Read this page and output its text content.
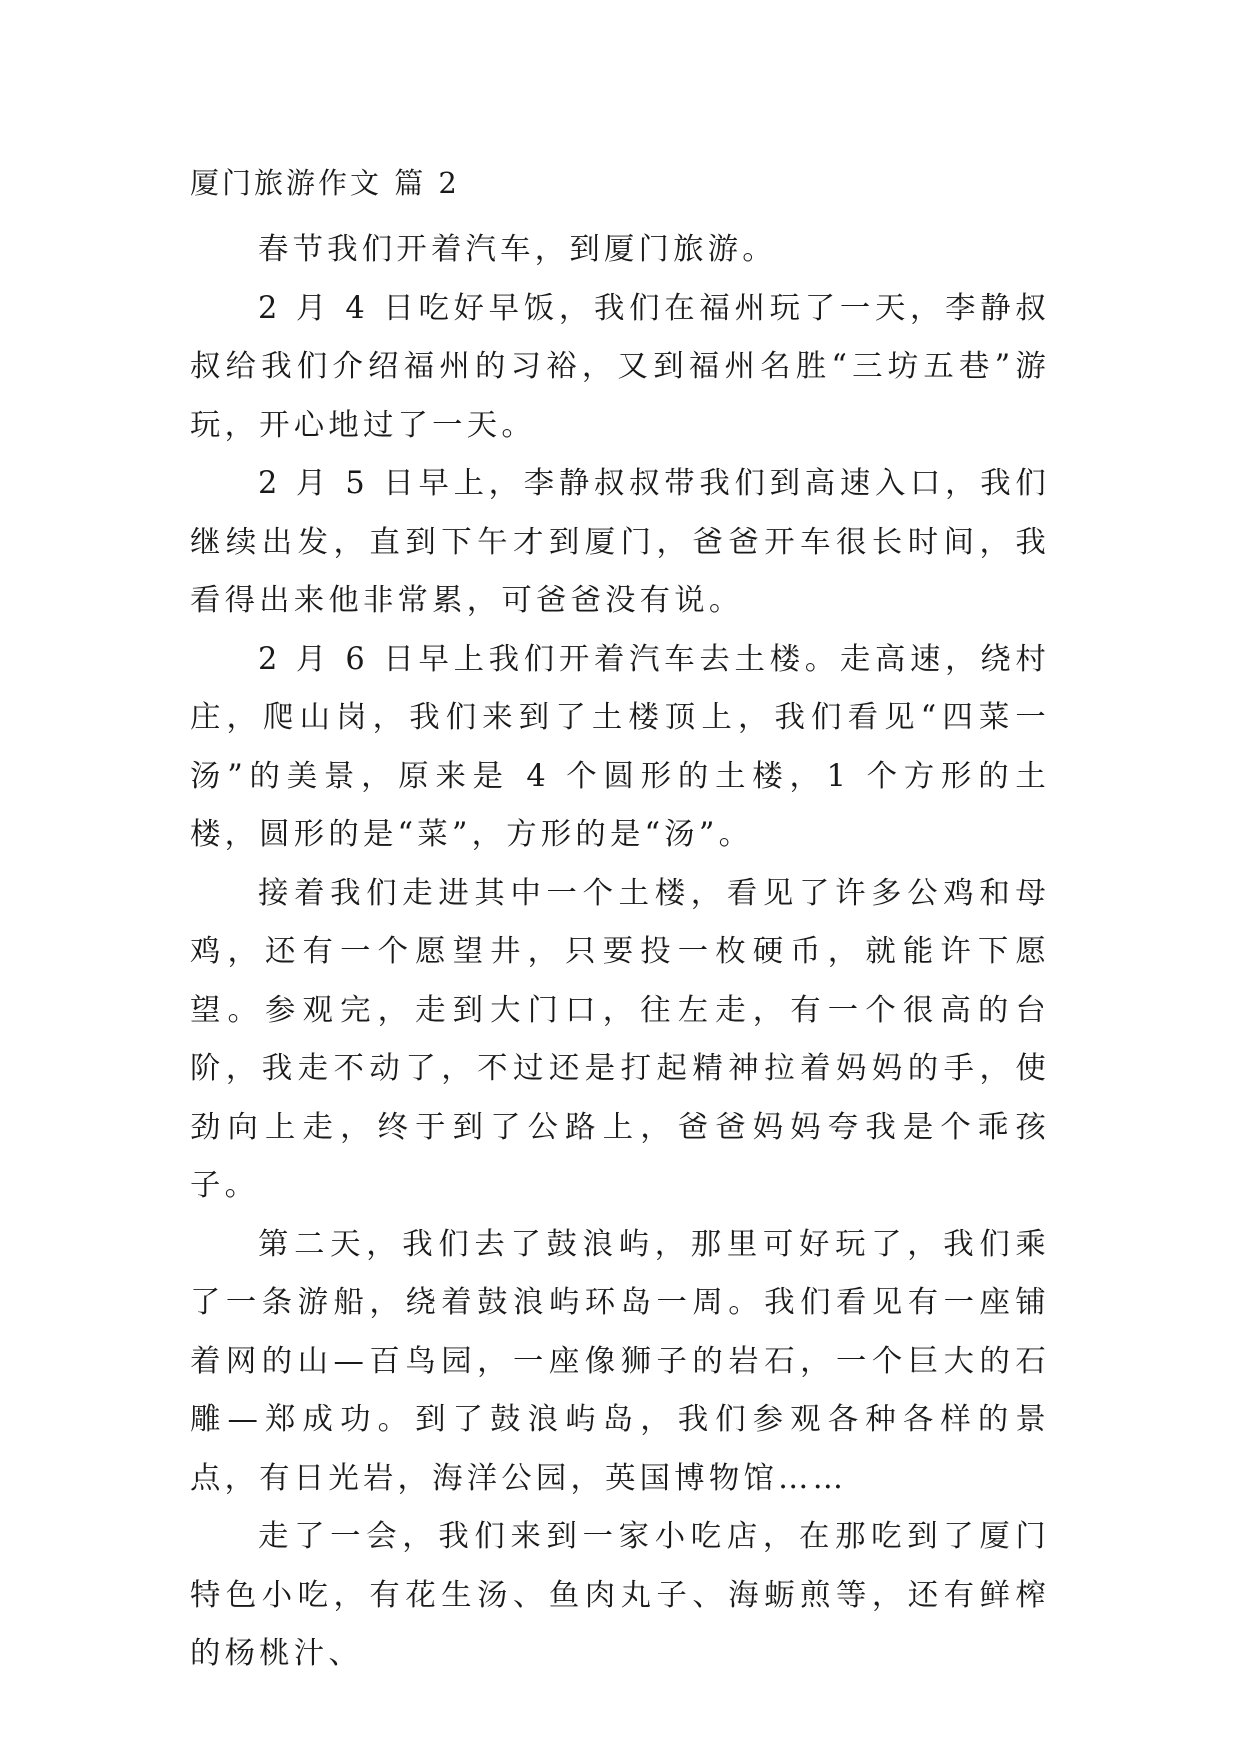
厦门旅游作文 篇 2

春节我们开着汽车，到厦门旅游。

2 月 4 日吃好早饭，我们在福州玩了一天，李静叔叔给我们介绍福州的习裕，又到福州名胜“三坊五巷”游玩，开心地过了一天。

2 月 5 日早上，李静叔叔带我们到高速入口，我们继续出发，直到下午才到厦门，爸爸开车很长时间，我看得出来他非常累，可爸爸没有说。

2 月 6 日早上我们开着汽车去土楼。走高速，绕村庄，爬山岗，我们来到了土楼顶上，我们看见“四菜一汤”的美景，原来是 4 个圆形的土楼，1 个方形的土楼，圆形的是“菜”，方形的是“汤”。

接着我们走进其中一个土楼，看见了许多公鸡和母鸡，还有一个愿望井，只要投一枚硬币，就能许下愿望。参观完，走到大门口，往左走，有一个很高的台阶，我走不动了，不过还是打起精神拉着妈妈的手，使劲向上走，终于到了公路上，爸爸妈妈夸我是个乖孩子。

第二天，我们去了鼓浪屿，那里可好玩了，我们乘了一条游船，绕着鼓浪屿环岛一周。我们看见有一座铺着网的山—百鸟园，一座像狮子的岩石，一个巨大的石雕—郑成功。到了鼓浪屿岛，我们参观各种各样的景点，有日光岩，海洋公园，英国博物馆……

走了一会，我们来到一家小吃店，在那吃到了厦门特色小吃，有花生汤、鱼肉丸子、海蛎煎等，还有鲜榨的杨桃汁、
